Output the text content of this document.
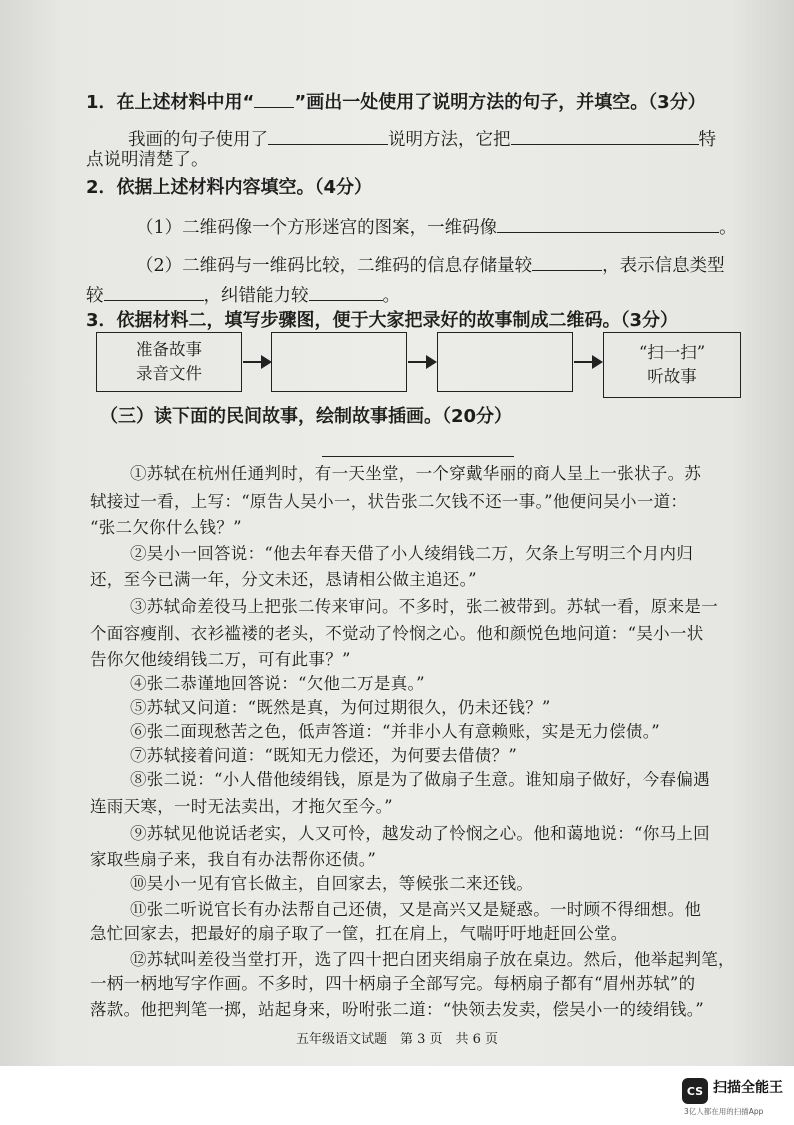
1．在上述材料中用“ ”画出一处使用了说明方法的句子，并填空。（3分）
我画的句子使用了	说明方法，它把	特
点说明清楚了。
2．依据上述材料内容填空。（4分）
（1）二维码像一个方形迷宫的图案，一维码像	。
（2）二维码与一维码比较，二维码的信息存储量较	，表示信息类型
较	，纠错能力较	。
3．依据材料二，填写步骤图，便于大家把录好的故事制成二维码。（3分）
准备故事
录音文件
“扫一扫”
听故事
（三）读下面的民间故事，绘制故事插画。（20分）
①苏轼在杭州任通判时，有一天坐堂，一个穿戴华丽的商人呈上一张状子。苏
轼接过一看，上写：“原告人吴小一，状告张二欠钱不还一事。”他便问吴小一道：
“张二欠你什么钱？”
②吴小一回答说：“他去年春天借了小人绫绢钱二万，欠条上写明三个月内归
还，至今已满一年，分文未还，恳请相公做主追还。”
③苏轼命差役马上把张二传来审问。不多时，张二被带到。苏轼一看，原来是一
个面容瘦削、衣衫褴褛的老头，不觉动了怜悯之心。他和颜悦色地问道：“吴小一状
告你欠他绫绢钱二万，可有此事？”
④张二恭谨地回答说：“欠他二万是真。”
⑤苏轼又问道：“既然是真，为何过期很久，仍未还钱？”
⑥张二面现愁苦之色，低声答道：“并非小人有意赖账，实是无力偿债。”
⑦苏轼接着问道：“既知无力偿还，为何要去借债？”
⑧张二说：“小人借他绫绢钱，原是为了做扇子生意。谁知扇子做好，今春偏遇
连雨天寒，一时无法卖出，才拖欠至今。”
⑨苏轼见他说话老实，人又可怜，越发动了怜悯之心。他和蔼地说：“你马上回
家取些扇子来，我自有办法帮你还债。”
⑩吴小一见有官长做主，自回家去，等候张二来还钱。
⑪张二听说官长有办法帮自己还债，又是高兴又是疑惑。一时顾不得细想。他
急忙回家去，把最好的扇子取了一筐，扛在肩上，气喘吁吁地赶回公堂。
⑫苏轼叫差役当堂打开，选了四十把白团夹绢扇子放在桌边。然后，他举起判笔，
一柄一柄地写字作画。不多时，四十柄扇子全部写完。每柄扇子都有“眉州苏轼”的
落款。他把判笔一掷，站起身来，吩咐张二道：“快领去发卖，偿吴小一的绫绢钱。”
五年级语文试题　第 3 页　共 6 页
CS 扫描全能王
3亿人都在用的扫描App
